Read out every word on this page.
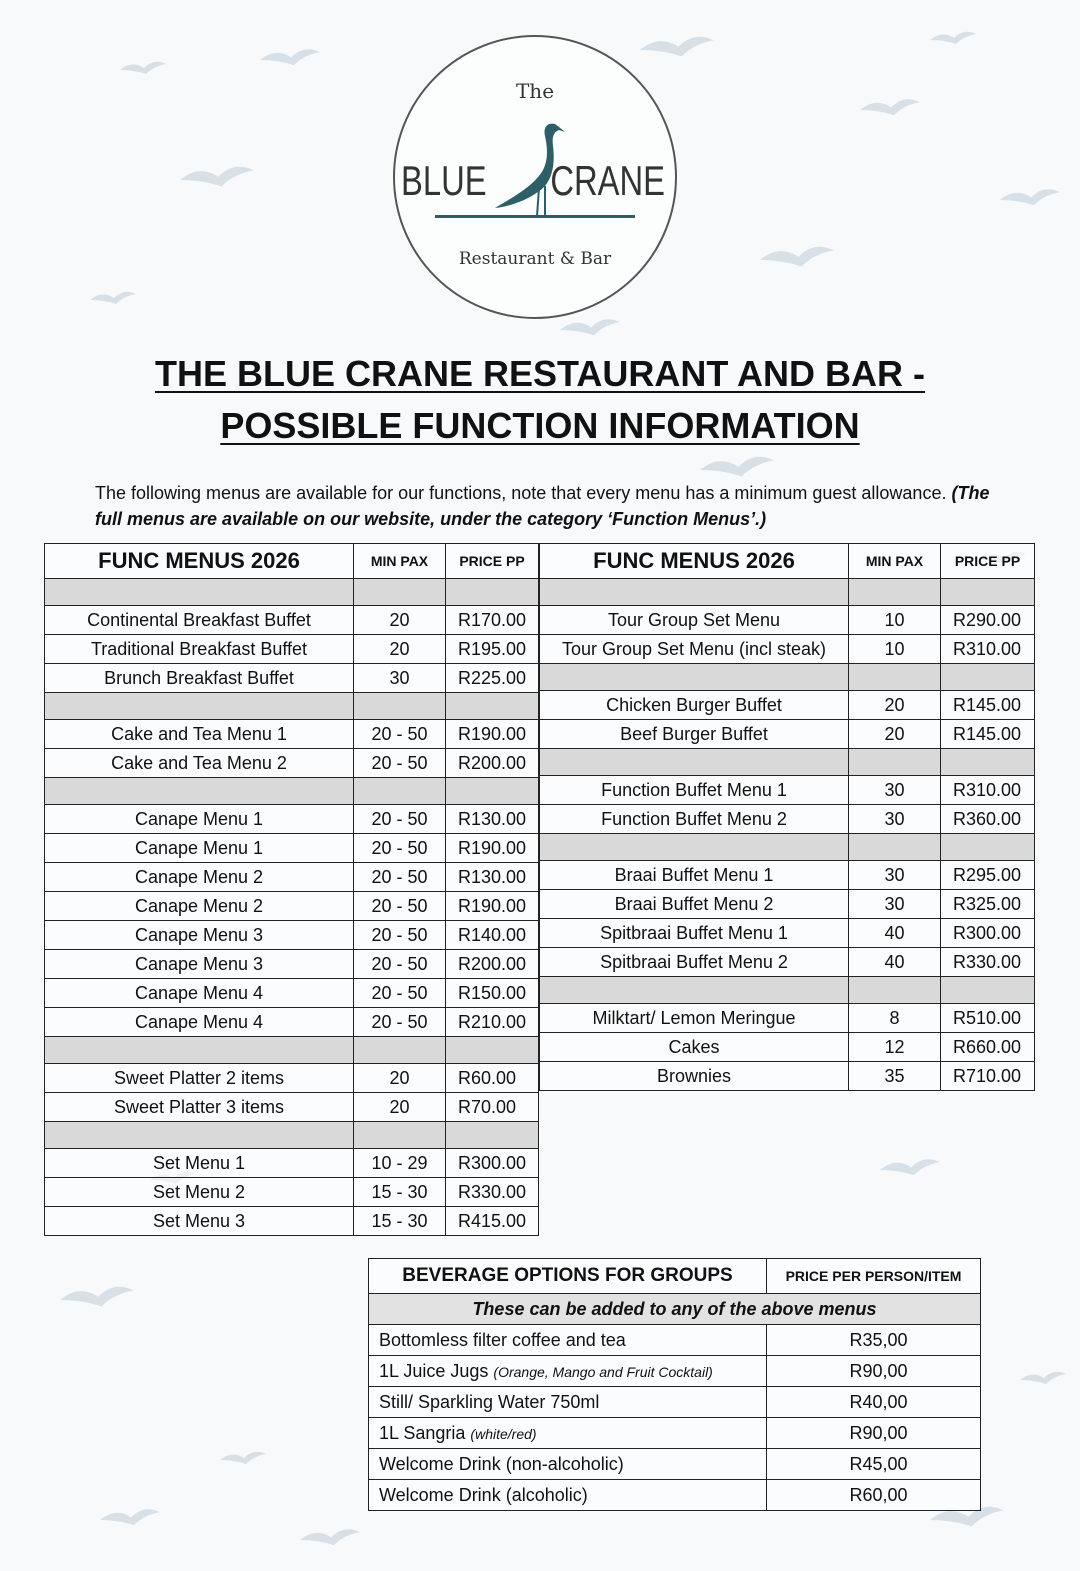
The
BLUE CRANE
Restaurant & Bar
THE BLUE CRANE RESTAURANT AND BAR -
POSSIBLE FUNCTION INFORMATION
The following menus are available for our functions, note that every menu has a minimum guest allowance. (The full menus are available on our website, under the category ‘Function Menus’.)
FUNC MENUS 2026	MIN PAX	PRICE PP

Continental Breakfast Buffet	20	R170.00
Traditional Breakfast Buffet	20	R195.00
Brunch Breakfast Buffet	30	R225.00

Cake and Tea Menu 1	20 - 50	R190.00
Cake and Tea Menu 2	20 - 50	R200.00

Canape Menu 1	20 - 50	R130.00
Canape Menu 1	20 - 50	R190.00
Canape Menu 2	20 - 50	R130.00
Canape Menu 2	20 - 50	R190.00
Canape Menu 3	20 - 50	R140.00
Canape Menu 3	20 - 50	R200.00
Canape Menu 4	20 - 50	R150.00
Canape Menu 4	20 - 50	R210.00

Sweet Platter 2 items	20	R60.00
Sweet Platter 3 items	20	R70.00

Set Menu 1	10 - 29	R300.00
Set Menu 2	15 - 30	R330.00
Set Menu 3	15 - 30	R415.00
FUNC MENUS 2026	MIN PAX	PRICE PP

Tour Group Set Menu	10	R290.00
Tour Group Set Menu (incl steak)	10	R310.00

Chicken Burger Buffet	20	R145.00
Beef Burger Buffet	20	R145.00

Function Buffet Menu 1	30	R310.00
Function Buffet Menu 2	30	R360.00

Braai Buffet Menu 1	30	R295.00
Braai Buffet Menu 2	30	R325.00
Spitbraai Buffet Menu 1	40	R300.00
Spitbraai Buffet Menu 2	40	R330.00

Milktart/ Lemon Meringue	8	R510.00
Cakes	12	R660.00
Brownies	35	R710.00
BEVERAGE OPTIONS FOR GROUPS	PRICE PER PERSON/ITEM
These can be added to any of the above menus	
Bottomless filter coffee and tea	R35,00
1L Juice Jugs (Orange, Mango and Fruit Cocktail)	R90,00
Still/ Sparkling Water 750ml	R40,00
1L Sangria (white/red)	R90,00
Welcome Drink (non-alcoholic)	R45,00
Welcome Drink (alcoholic)	R60,00
